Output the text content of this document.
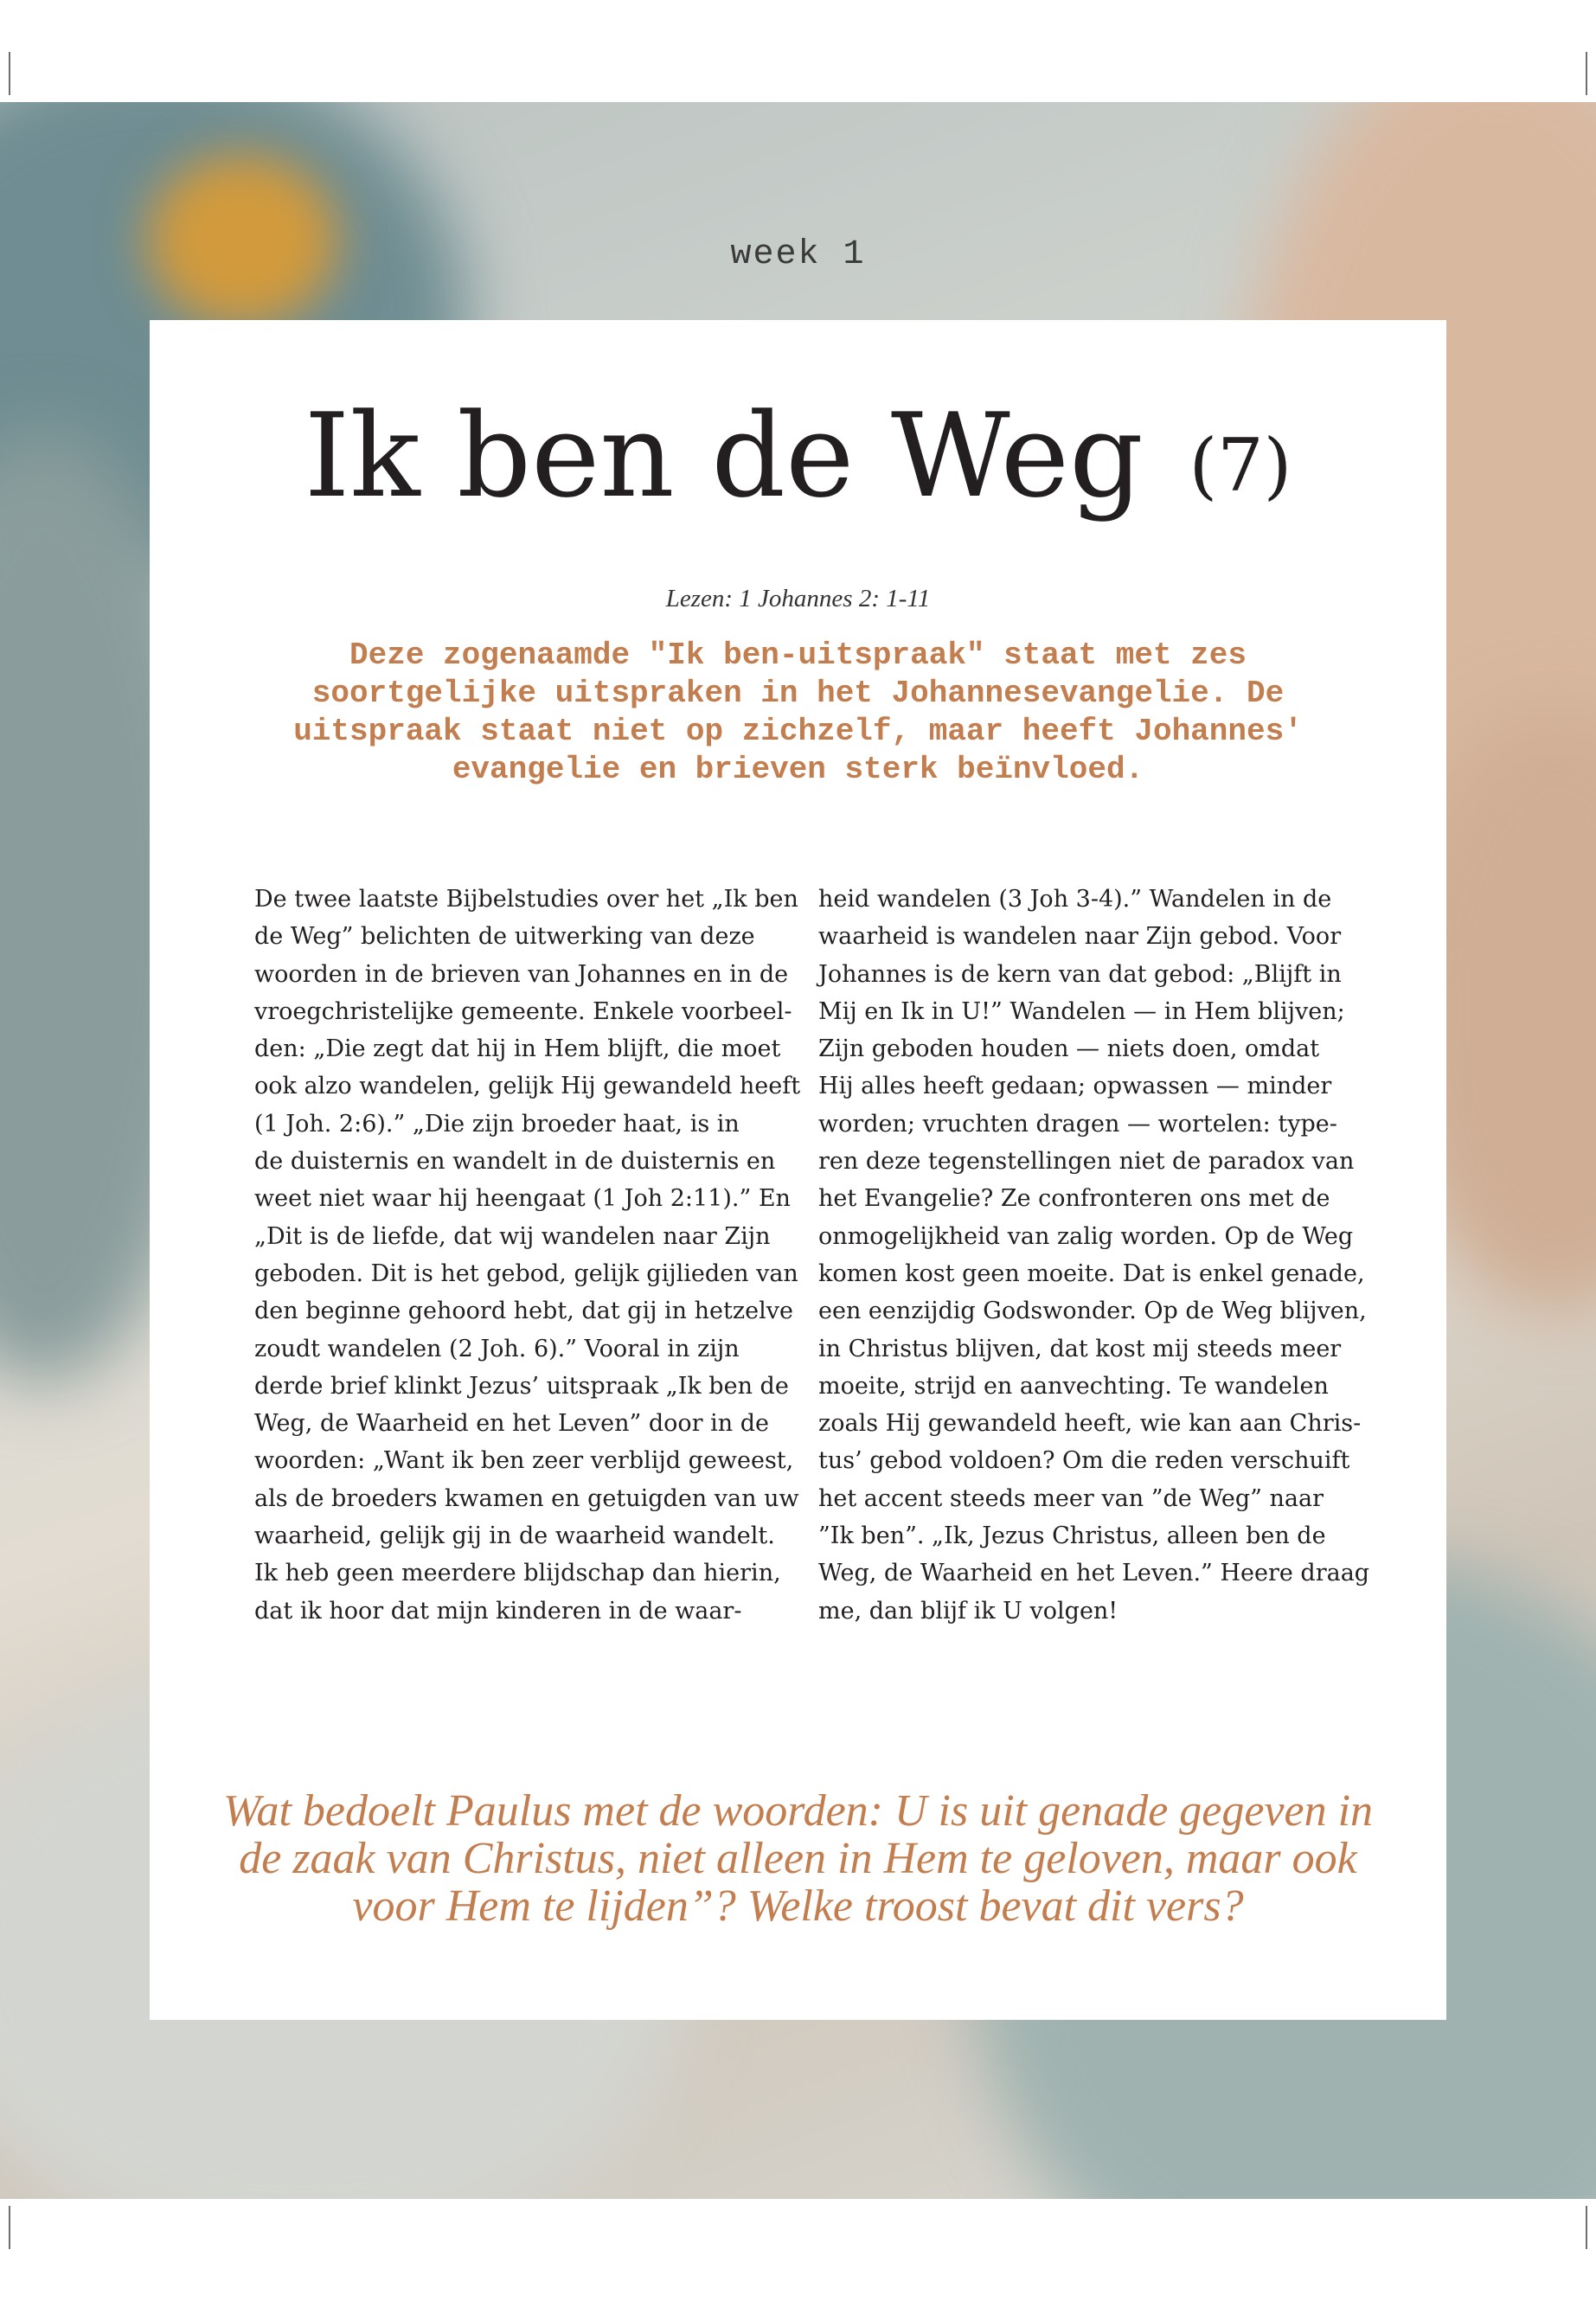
week 1
Ik ben de Weg (7)
Lezen: 1 Johannes 2: 1-11
Deze zogenaamde "Ik ben-uitspraak" staat met zes soortgelijke uitspraken in het Johannesevangelie. De uitspraak staat niet op zichzelf, maar heeft Johannes' evangelie en brieven sterk beïnvloed.
De twee laatste Bijbelstudies over het „Ik ben
de Weg” belichten de uitwerking van deze
woorden in de brieven van Johannes en in de
vroegchristelijke gemeente. Enkele voorbeel-
den: „Die zegt dat hij in Hem blijft, die moet
ook alzo wandelen, gelijk Hij gewandeld heeft
(1 Joh. 2:6).” „Die zijn broeder haat, is in
de duisternis en wandelt in de duisternis en
weet niet waar hij heengaat (1 Joh 2:11).” En
„Dit is de liefde, dat wij wandelen naar Zijn
geboden. Dit is het gebod, gelijk gijlieden van
den beginne gehoord hebt, dat gij in hetzelve
zoudt wandelen (2 Joh. 6).” Vooral in zijn
derde brief klinkt Jezus’ uitspraak „Ik ben de
Weg, de Waarheid en het Leven” door in de
woorden: „Want ik ben zeer verblijd geweest,
als de broeders kwamen en getuigden van uw
waarheid, gelijk gij in de waarheid wandelt.
Ik heb geen meerdere blijdschap dan hierin,
dat ik hoor dat mijn kinderen in de waar-
heid wandelen (3 Joh 3-4).” Wandelen in de
waarheid is wandelen naar Zijn gebod. Voor
Johannes is de kern van dat gebod: „Blijft in
Mij en Ik in U!” Wandelen — in Hem blijven;
Zijn geboden houden — niets doen, omdat
Hij alles heeft gedaan; opwassen — minder
worden; vruchten dragen — wortelen: type-
ren deze tegenstellingen niet de paradox van
het Evangelie? Ze confronteren ons met de
onmogelijkheid van zalig worden. Op de Weg
komen kost geen moeite. Dat is enkel genade,
een eenzijdig Godswonder. Op de Weg blijven,
in Christus blijven, dat kost mij steeds meer
moeite, strijd en aanvechting. Te wandelen
zoals Hij gewandeld heeft, wie kan aan Chris-
tus’ gebod voldoen? Om die reden verschuift
het accent steeds meer van ”de Weg” naar
”Ik ben”. „Ik, Jezus Christus, alleen ben de
Weg, de Waarheid en het Leven.” Heere draag
me, dan blijf ik U volgen!
Wat bedoelt Paulus met de woorden: U is uit genade gegeven in de zaak van Christus, niet alleen in Hem te geloven, maar ook voor Hem te lijden”? Welke troost bevat dit vers?
